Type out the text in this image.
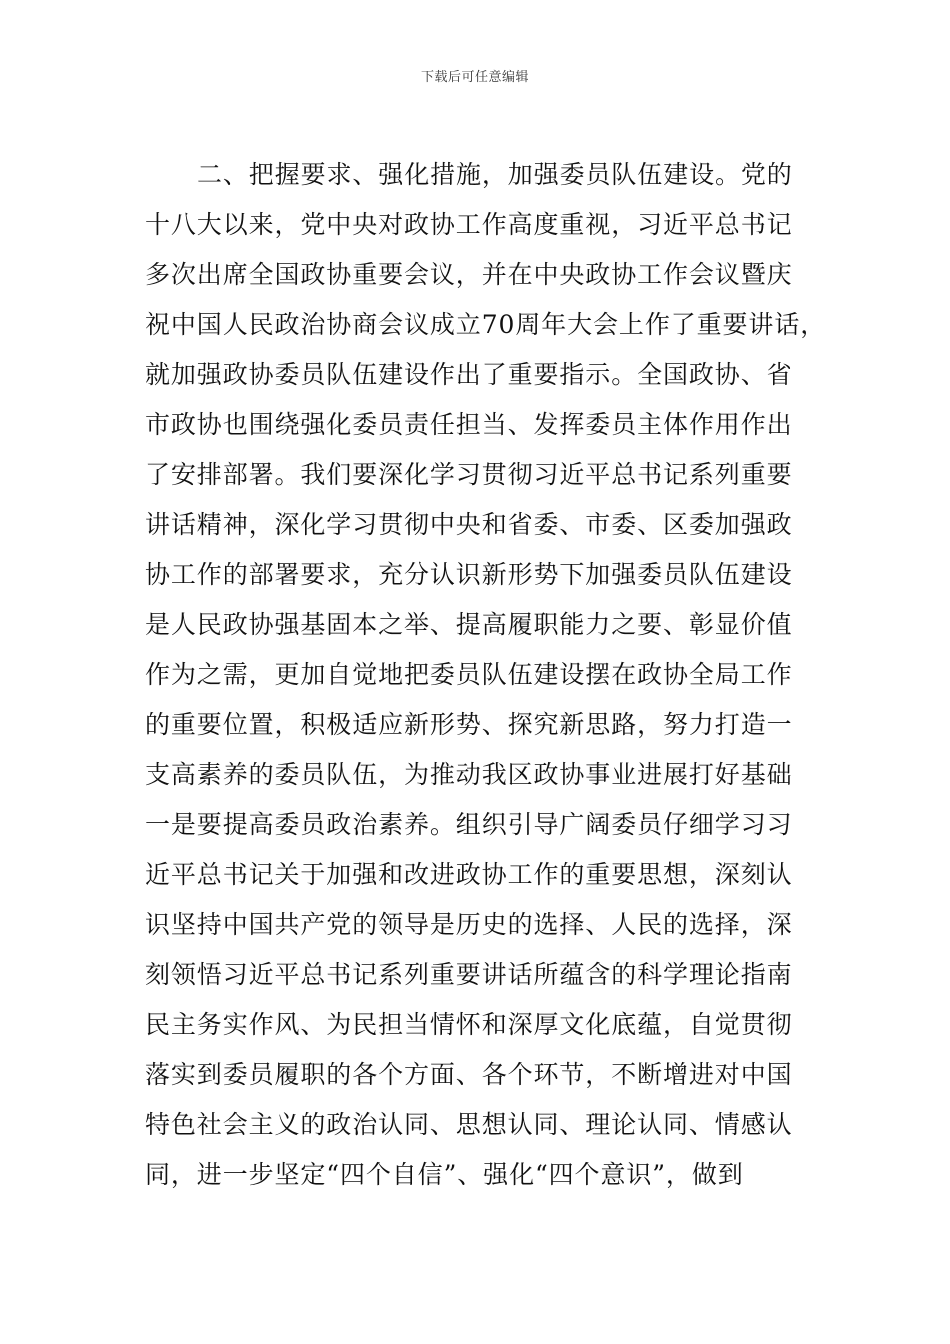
下载后可任意编辑
二、把握要求、强化措施，加强委员队伍建设。党的
十八大以来，党中央对政协工作高度重视，习近平总书记
多次出席全国政协重要会议，并在中央政协工作会议暨庆
祝中国人民政治协商会议成立70周年大会上作了重要讲话，
就加强政协委员队伍建设作出了重要指示。全国政协、省
市政协也围绕强化委员责任担当、发挥委员主体作用作出
了安排部署。我们要深化学习贯彻习近平总书记系列重要
讲话精神，深化学习贯彻中央和省委、市委、区委加强政
协工作的部署要求，充分认识新形势下加强委员队伍建设
是人民政协强基固本之举、提高履职能力之要、彰显价值
作为之需，更加自觉地把委员队伍建设摆在政协全局工作
的重要位置，积极适应新形势、探究新思路，努力打造一
支高素养的委员队伍，为推动我区政协事业进展打好基础
一是要提高委员政治素养。组织引导广阔委员仔细学习习
近平总书记关于加强和改进政协工作的重要思想，深刻认
识坚持中国共产党的领导是历史的选择、人民的选择，深
刻领悟习近平总书记系列重要讲话所蕴含的科学理论指南
民主务实作风、为民担当情怀和深厚文化底蕴，自觉贯彻
落实到委员履职的各个方面、各个环节，不断增进对中国
特色社会主义的政治认同、思想认同、理论认同、情感认
同，进一步坚定“四个自信”、强化“四个意识”，做到
